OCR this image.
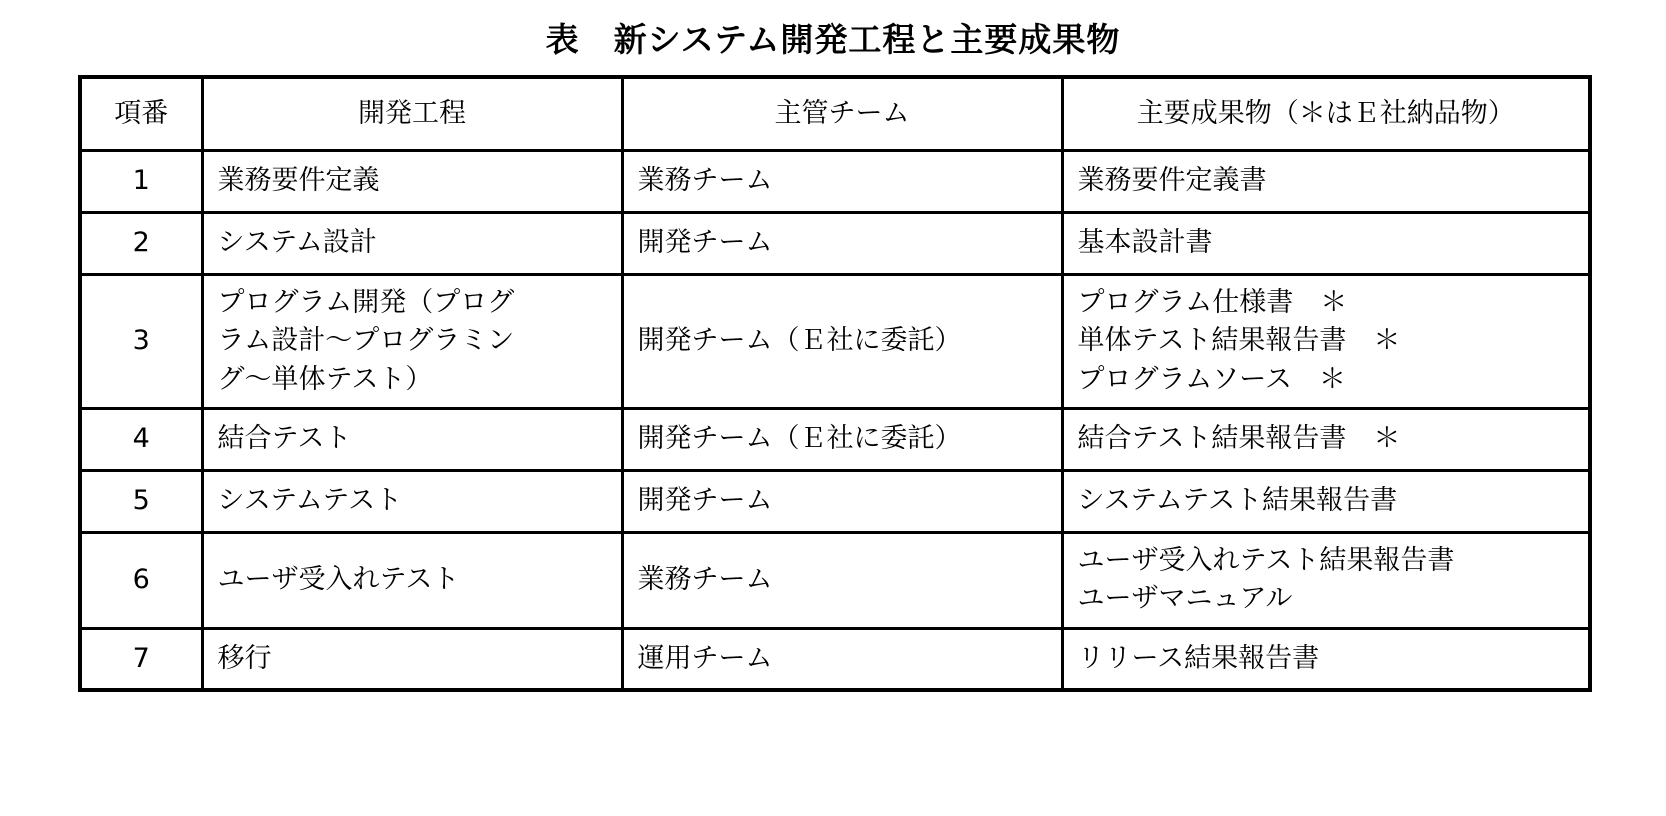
表　新システム開発工程と主要成果物
項番	開発工程	主管チーム	主要成果物（＊はＥ社納品物）
1	業務要件定義	業務チーム	業務要件定義書

2	システム設計	開発チーム	基本設計書

3	プログラム開発（プログ
ラム設計〜プログラミン
グ〜単体テスト）	開発チーム（Ｅ社に委託）	プログラム仕様書　＊
単体テスト結果報告書　＊
プログラムソース　＊

4	結合テスト	開発チーム（Ｅ社に委託）	結合テスト結果報告書　＊

5	システムテスト	開発チーム	システムテスト結果報告書

6	ユーザ受入れテスト	業務チーム	ユーザ受入れテスト結果報告書
ユーザマニュアル

7	移行	運用チーム	リリース結果報告書
